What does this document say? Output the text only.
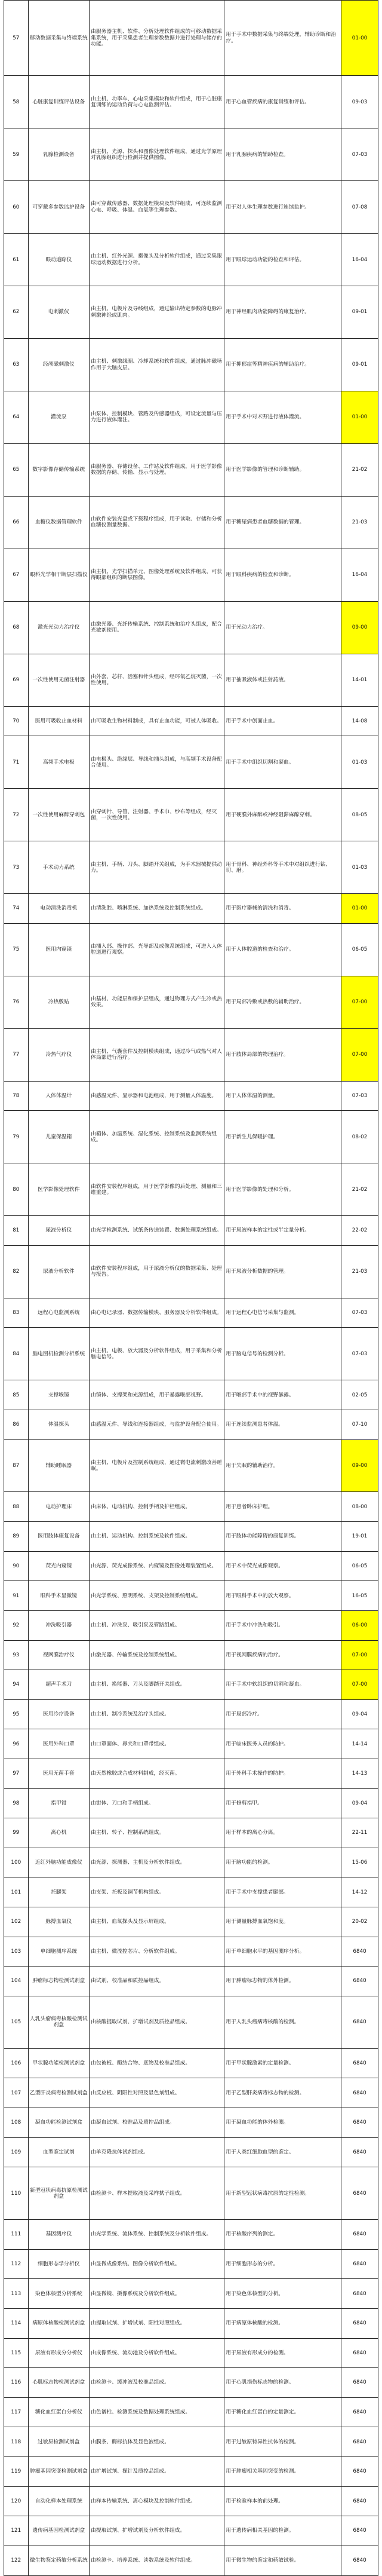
57	移动数据采集与终端系统	由服务器主机、软件、分析处理软件组成的可移动数据采集系统，用于采集患者生理参数数据并进行处理与储存的功能。	用于手术中数据采集与终端处理，辅助诊断和治疗。	01-00
58	心脏康复训练评估设备	由主机、功率车、心电采集模块和软件组成，用于心脏康复训练的运动负荷与心电监测评估。	用于心血管疾病的康复训练和评估。	09-03
59	乳腺检测设备	由主机、光源、探头和图像处理软件组成，通过光学原理对乳腺组织进行检测并提供图像。	用于乳腺疾病的辅助检查。	07-03
60	可穿戴多参数监护设备	由可穿戴传感器、数据处理模块及软件组成，可连续监测心电、呼吸、体温、血氧等生理参数。	用于对人体生理参数进行连续监护。	07-08
61	眼动追踪仪	由主机、红外光源、摄像头及分析软件组成，通过采集眼球运动数据进行分析。	用于眼球运动功能的检查和评估。	16-04
62	电刺激仪	由主机、电极片及导线组成，通过输出特定参数的电脉冲刺激神经或肌肉。	用于神经肌肉功能障碍的康复治疗。	09-01
63	经颅磁刺激仪	由主机、刺激线圈、冷却系统和软件组成，通过脉冲磁场作用于大脑皮层。	用于抑郁症等精神疾病的辅助治疗。	09-01
64	灌流泵	由泵体、控制模块、管路及传感器组成，可设定流量与压力进行液体灌注。	用于手术中对术野进行液体灌流。	01-00
65	数字影像存储传输系统	由服务器、存储设备、工作站及软件组成，用于医学影像数据的存储、传输、显示与处理。	用于医学影像的管理和诊断辅助。	21-02
66	血糖仪数据管理软件	由软件安装光盘或下载程序组成，用于读取、存储和分析血糖仪测量数据。	用于糖尿病患者血糖数据的管理。	21-03
67	眼科光学相干断层扫描仪	由主机、光学扫描单元、图像处理系统及软件组成，可获得眼部组织的断层图像。	用于眼科疾病的检查和诊断。	16-04
68	激光光动力治疗仪	由激光器、光纤传输系统、控制系统和治疗头组成，配合光敏剂使用。	用于光动力治疗。	09-00
69	一次性使用无菌注射器	由外套、芯杆、活塞和针头组成，经环氧乙烷灭菌，一次性使用。	用于抽吸液体或注射药液。	14-01
70	医用可吸收止血材料	由可吸收生物材料制成，具有止血功能，可被人体吸收。	用于手术中创面止血。	14-08
71	高频手术电极	由电极头、绝缘层、导线和插头组成，与高频手术设备配合使用。	用于手术中组织切割和凝血。	01-03
72	一次性使用麻醉穿刺包	由穿刺针、导管、注射器、手术巾、纱布等组成，经灭菌，一次性使用。	用于硬膜外麻醉或神经阻滞麻醉穿刺。	08-05
73	手术动力系统	由主机、手柄、刀头、脚踏开关组成，为手术器械提供动力。	用于骨科、神经外科等手术中对组织进行钻、切、磨。	01-03
74	电动清洗消毒机	由清洗腔、喷淋系统、加热系统及控制系统组成。	用于医疗器械的清洗和消毒。	01-00
75	医用内窥镜	由插入部、操作部、光导部及成像系统组成，可进入人体腔道进行观察。	用于人体腔道的检查和治疗。	06-05
76	冷热敷贴	由基材、功能层和保护层组成，通过物理方式产生冷或热效果。	用于局部冷敷或热敷的辅助治疗。	07-00
77	冷热气疗仪	由主机、气囊套件及控制模块组成，通过冷气或热气对人体局部进行治疗。	用于肢体局部的物理治疗。	07-00
78	人体体温计	由感温元件、显示器和电池组成，用于测量人体温度。	用于人体体温的测量。	07-03
79	儿童保温箱	由箱体、加温系统、湿化系统、控制系统及监测系统组成。	用于新生儿保暖护理。	08-02
80	医学影像处理软件	由软件安装程序组成，用于医学影像的后处理、测量和三维重建。	用于医学影像的处理和分析。	21-02
81	尿液分析仪	由光学检测系统、试纸条传送装置、数据处理系统组成。	用于尿液样本的定性或半定量分析。	22-02
82	尿液分析软件	由软件安装程序组成，用于尿液分析仪的数据采集、处理与报告。	用于尿液分析数据的管理。	21-03
83	远程心电监测系统	由心电记录器、数据传输模块、服务器及分析软件组成。	用于远程心电信号采集与监测。	07-03
84	脑电图机检测分析系统	由主机、电极、放大器及分析软件组成，用于采集和分析脑电信号。	用于脑电信号的检测分析。	07-03
85	支撑喉镜	由镜体、支撑架和光源组成，用于暴露喉部视野。	用于喉部手术中的视野暴露。	02-05
86	体温探头	由感温元件、导线和连接器组成，与监护设备配合使用。	用于连续监测患者体温。	07-10
87	辅助睡眠器	由主机、电极片及控制系统组成，通过微电流刺激改善睡眠。	用于失眠的辅助治疗。	09-00
88	电动护理床	由床体、电动机构、控制手柄及护栏组成。	用于患者卧床护理。	08-00
89	医用肢体康复设备	由主机、运动机构、控制系统及软件组成。	用于肢体功能障碍的康复训练。	19-01
90	荧光内窥镜	由光源、荧光成像系统、内窥镜及图像处理装置组成。	用于术中荧光成像观察。	06-05
91	眼科手术显微镜	由光学系统、照明系统、支架及控制系统组成。	用于眼科手术中的放大观察。	16-05
92	冲洗吸引器	由主机、冲洗泵、吸引泵及管路组成。	用于手术中冲洗和吸引。	06-00
93	视网膜治疗仪	由激光器、传输系统及控制系统组成。	用于视网膜疾病的治疗。	07-00
94	超声手术刀	由主机、换能器、刀头及脚踏开关组成。	用于手术中软组织的切割和凝血。	07-00
95	医用冷疗设备	由主机、制冷系统及治疗头组成。	用于局部冷疗。	09-04
96	医用外科口罩	由口罩面体、鼻夹和口罩带组成。	用于临床医务人员的防护。	14-14
97	医用无菌手套	由天然橡胶或合成材料制成，经灭菌。	用于外科手术操作的防护。	14-13
98	指甲钳	由钳体、刀口和手柄组成。	用于修剪指甲。	09-04
99	离心机	由主机、转子、控制系统组成。	用于样本的离心分离。	22-11
100	近红外脑功能成像仪	由光源、探测器、主机及分析软件组成。	用于脑功能的检测。	15-06
101	托腿架	由支架、托板及调节机构组成。	用于手术中支撑患者腿部。	14-12
102	脉搏血氧仪	由主机、血氧探头及显示屏组成。	用于测量脉搏血氧饱和度。	20-02
103	单细胞测序系统	由主机、微流控芯片、分析软件组成。	用于单细胞水平的基因测序分析。	6840
104	肿瘤标志物检测试剂盒	由试剂、校准品和质控品组成。	用于肿瘤标志物的体外检测。	6840
105	人乳头瘤病毒核酸检测试剂盒	由核酸提取试剂、扩增试剂及质控品组成。	用于人乳头瘤病毒核酸的检测。	6840
106	甲状腺功能检测试剂盒	由包被板、酶结合物、底物及校准品组成。	用于甲状腺激素的定量检测。	6840
107	乙型肝炎病毒检测试剂盒	由反应板、阴阳性对照及显色剂组成。	用于乙型肝炎病毒标志物的检测。	6840
108	凝血功能检测试剂盒	由凝血试剂、校准品及质控品组成。	用于凝血功能的体外检测。	6840
109	血型鉴定试剂	由单克隆抗体试剂组成。	用于人类红细胞血型的鉴定。	6840
110	新型冠状病毒抗原检测试剂盒	由检测卡、样本提取液及采样拭子组成。	用于新型冠状病毒抗原的定性检测。	6840
111	基因测序仪	由光学系统、流体系统、控制系统及分析软件组成。	用于核酸序列的测定。	6840
112	细胞形态学分析仪	由显微成像系统、图像分析软件组成。	用于细胞形态的分析。	6840
113	染色体核型分析系统	由显微镜、摄像系统及分析软件组成。	用于染色体核型的分析。	6840
114	病原体核酸检测试剂盒	由提取试剂、扩增试剂、阳性对照组成。	用于病原体核酸的检测。	6840
115	尿液有形成分分析仪	由成像系统、流动池及分析软件组成。	用于尿液有形成分的检测。	6840
116	心肌标志物检测试剂盒	由检测卡、缓冲液及校准品组成。	用于心肌损伤标志物的检测。	6840
117	糖化血红蛋白分析仪	由色谱柱、检测系统及数据处理系统组成。	用于糖化血红蛋白的定量测定。	6840
118	过敏原检测试剂盒	由膜条、酶标抗体及显色液组成。	用于过敏原特异性抗体的检测。	6840
119	肿瘤基因突变检测试剂盒	由扩增试剂、探针及质控品组成。	用于肿瘤相关基因突变的检测。	6840
120	自动化样本处理系统	由样本传输系统、离心模块及控制软件组成。	用于检验样本的前处理。	6840
121	遗传病基因检测试剂盒	由提取试剂、扩增试剂及分析软件组成。	用于遗传病相关基因的检测。	6840
122	微生物鉴定药敏分析系统	由检测卡、培养系统、读数系统及软件组成。	用于微生物的鉴定和药敏试验。	6840
